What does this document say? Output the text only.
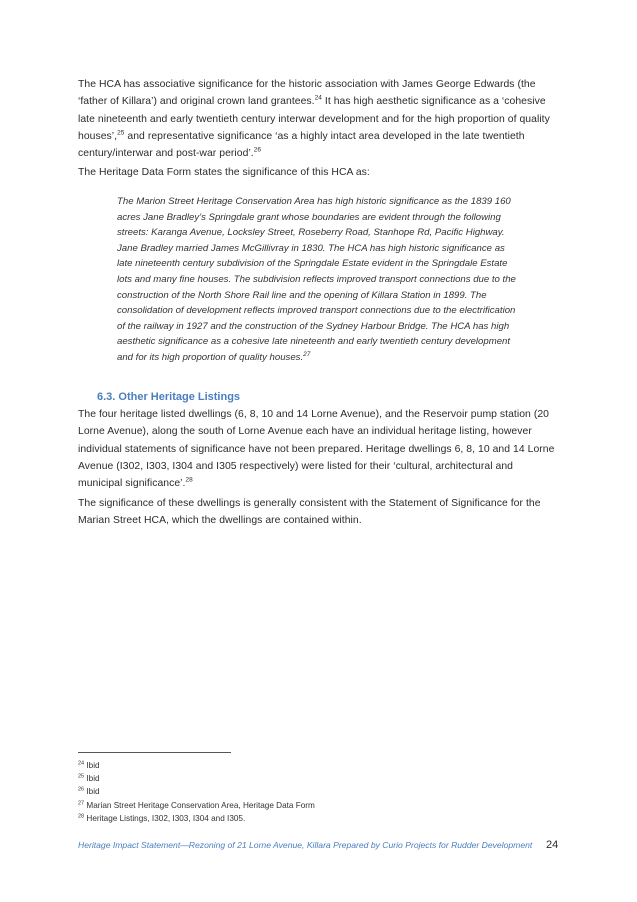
The HCA has associative significance for the historic association with James George Edwards (the ‘father of Killara’) and original crown land grantees.$^{24}$ It has high aesthetic significance as a ‘cohesive late nineteenth and early twentieth century interwar development and for the high proportion of quality houses’,$^{25}$ and representative significance ‘as a highly intact area developed in the late twentieth century/interwar and post-war period’.$^{26}$

The Heritage Data Form states the significance of this HCA as:

The Marion Street Heritage Conservation Area has high historic significance as the 1839 160 acres Jane Bradley’s Springdale grant whose boundaries are evident through the following streets: Karanga Avenue, Locksley Street, Roseberry Road, Stanhope Rd, Pacific Highway. Jane Bradley married James McGillivray in 1830. The HCA has high historic significance as late nineteenth century subdivision of the Springdale Estate evident in the Springdale Estate lots and many fine houses. The subdivision reflects improved transport connections due to the construction of the North Shore Rail line and the opening of Killara Station in 1899. The consolidation of development reflects improved transport connections due to the electrification of the railway in 1927 and the construction of the Sydney Harbour Bridge. The HCA has high aesthetic significance as a cohesive late nineteenth and early twentieth century development and for its high proportion of quality houses.$^{27}$

6.3. Other Heritage Listings

The four heritage listed dwellings (6, 8, 10 and 14 Lorne Avenue), and the Reservoir pump station (20 Lorne Avenue), along the south of Lorne Avenue each have an individual heritage listing, however individual statements of significance have not been prepared. Heritage dwellings 6, 8, 10 and 14 Lorne Avenue (I302, I303, I304 and I305 respectively) were listed for their ‘cultural, architectural and municipal significance’.$^{28}$

The significance of these dwellings is generally consistent with the Statement of Significance for the Marian Street HCA, which the dwellings are contained within.

$^{24}$ Ibid
$^{25}$ Ibid
$^{26}$ Ibid
$^{27}$ Marian Street Heritage Conservation Area, Heritage Data Form
$^{28}$ Heritage Listings, I302, I303, I304 and I305.
Heritage Impact Statement—Rezoning of 21 Lorne Avenue, Killara Prepared by Curio Projects for Rudder Development	24
